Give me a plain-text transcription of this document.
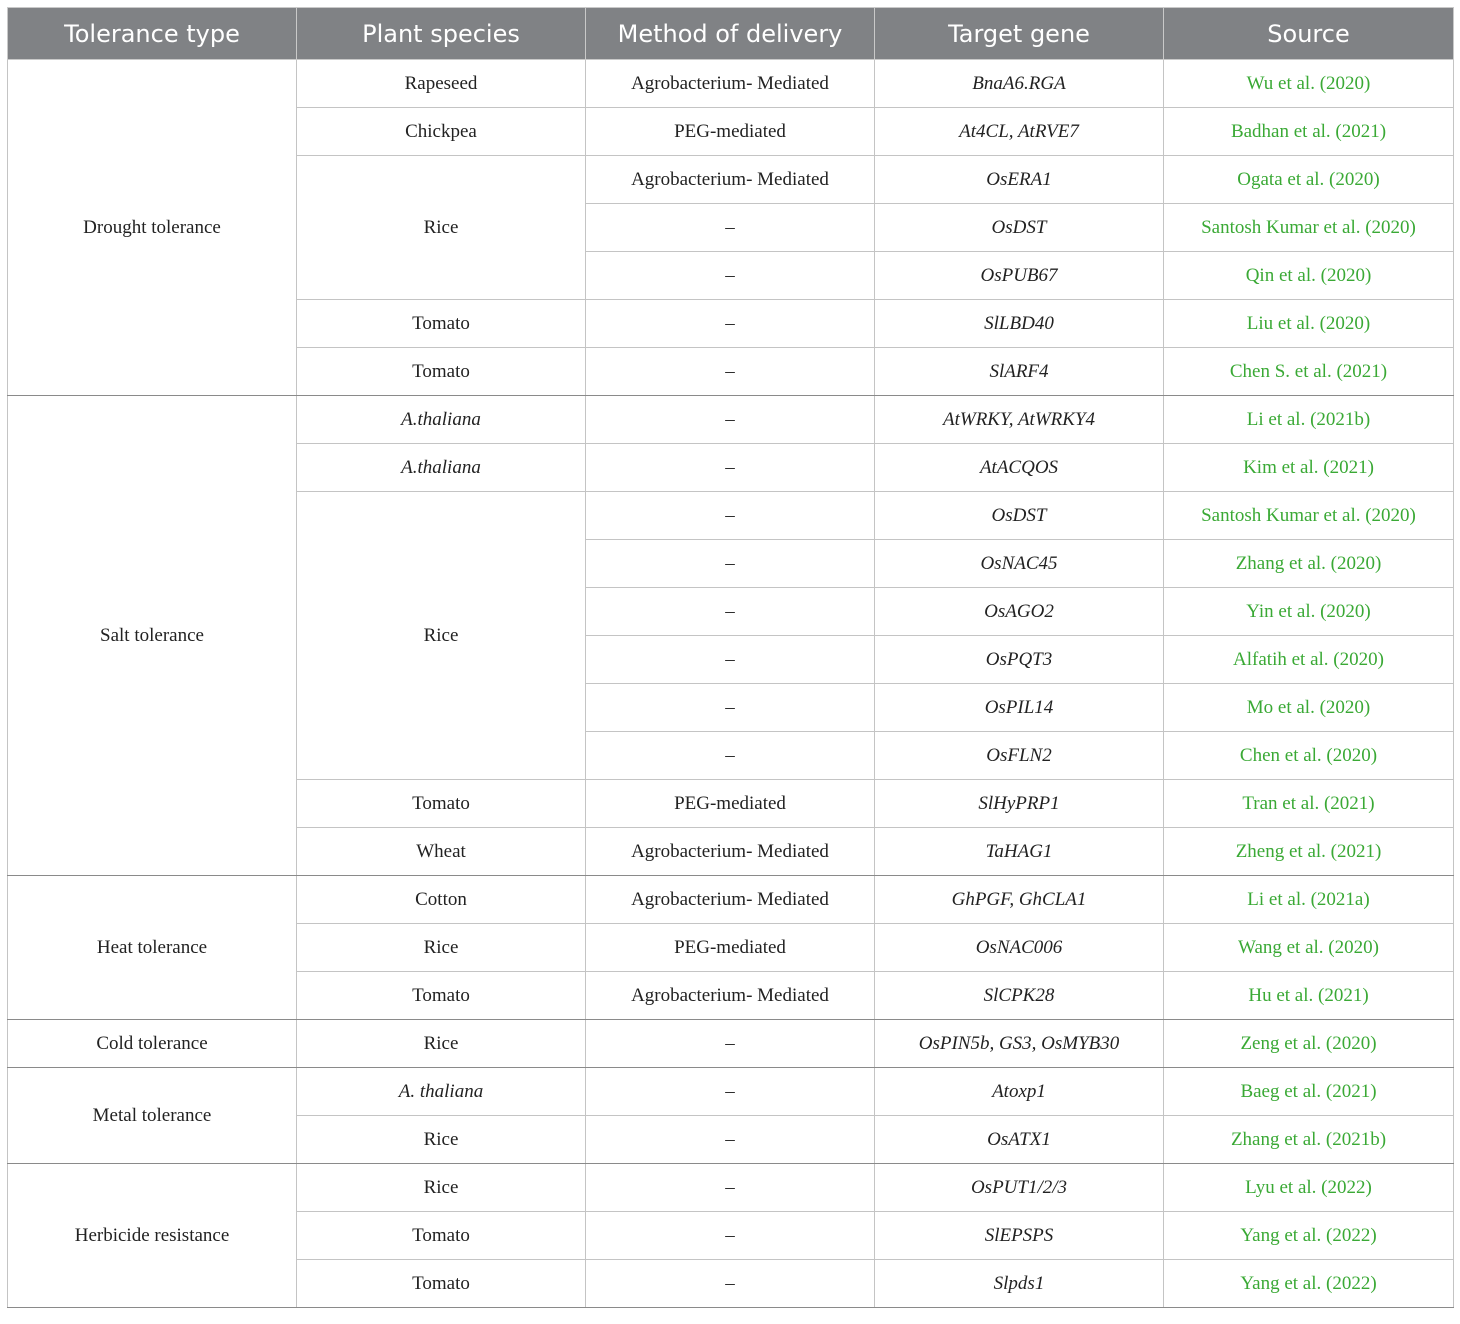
Tolerance type	Plant species	Method of delivery	Target gene	Source
Drought tolerance	Rapeseed	Agrobacterium- Mediated	BnaA6.RGA	Wu et al. (2020)
	Chickpea	PEG-mediated	At4CL, AtRVE7	Badhan et al. (2021)
	Rice	Agrobacterium- Mediated	OsERA1	Ogata et al. (2020)
		–	OsDST	Santosh Kumar et al. (2020)
		–	OsPUB67	Qin et al. (2020)
	Tomato	–	SlLBD40	Liu et al. (2020)
	Tomato	–	SlARF4	Chen S. et al. (2021)
Salt tolerance	A.thaliana	–	AtWRKY, AtWRKY4	Li et al. (2021b)
	A.thaliana	–	AtACQOS	Kim et al. (2021)
	Rice	–	OsDST	Santosh Kumar et al. (2020)
		–	OsNAC45	Zhang et al. (2020)
		–	OsAGO2	Yin et al. (2020)
		–	OsPQT3	Alfatih et al. (2020)
		–	OsPIL14	Mo et al. (2020)
		–	OsFLN2	Chen et al. (2020)
	Tomato	PEG-mediated	SlHyPRP1	Tran et al. (2021)
	Wheat	Agrobacterium- Mediated	TaHAG1	Zheng et al. (2021)
Heat tolerance	Cotton	Agrobacterium- Mediated	GhPGF, GhCLA1	Li et al. (2021a)
	Rice	PEG-mediated	OsNAC006	Wang et al. (2020)
	Tomato	Agrobacterium- Mediated	SlCPK28	Hu et al. (2021)
Cold tolerance	Rice	–	OsPIN5b, GS3, OsMYB30	Zeng et al. (2020)
Metal tolerance	A. thaliana	–	Atoxp1	Baeg et al. (2021)
	Rice	–	OsATX1	Zhang et al. (2021b)
Herbicide resistance	Rice	–	OsPUT1/2/3	Lyu et al. (2022)
	Tomato	–	SlEPSPS	Yang et al. (2022)
	Tomato	–	Slpds1	Yang et al. (2022)
